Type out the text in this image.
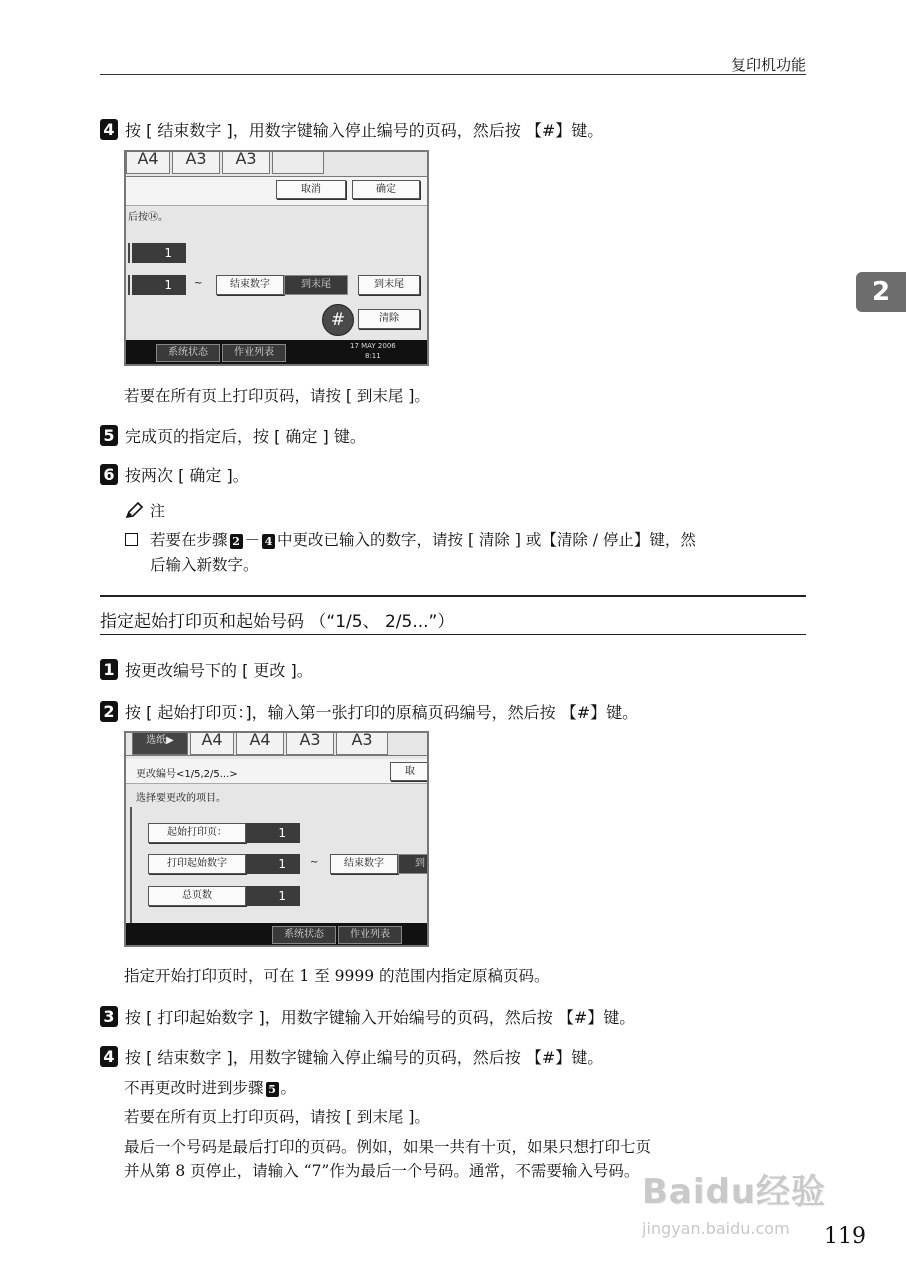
复印机功能
2
4 按 [ 结束数字 ]，用数字键输入停止编号的页码，然后按 【#】键。
A4	A3	A3
取消	确定
后按⑭。
1
1	~	结束数字	到末尾	到末尾
#	清除
系统状态	作业列表
17 MAY 2006
8:11
若要在所有页上打印页码，请按 [ 到末尾 ]。
5 完成页的指定后，按 [ 确定 ] 键。
6 按两次 [ 确定 ]。
注
若要在步骤 2 － 4 中更改已输入的数字，请按 [ 清除 ] 或【清除 / 停止】键，然
后输入新数字。
指定起始打印页和起始号码 （“1/5、 2/5...”）
1 按更改编号下的 [ 更改 ]。
2 按 [ 起始打印页：]，输入第一张打印的原稿页码编号，然后按 【#】键。
选纸▶	A4	A4	A3	A3
更改编号<1/5,2/5...>	取
选择要更改的项目。
起始打印页：	1
打印起始数字	1	~	结束数字	到
总页数	1
系统状态	作业列表
指定开始打印页时，可在 1 至 9999 的范围内指定原稿页码。
3 按 [ 打印起始数字 ]，用数字键输入开始编号的页码，然后按 【#】键。
4 按 [ 结束数字 ]，用数字键输入停止编号的页码，然后按 【#】键。
不再更改时进到步骤 5 。
若要在所有页上打印页码，请按 [ 到末尾 ]。
最后一个号码是最后打印的页码。例如，如果一共有十页，如果只想打印七页
并从第 8 页停止，请输入 “7”作为最后一个号码。通常，不需要输入号码。
Baidu经验
jingyan.baidu.com	119
